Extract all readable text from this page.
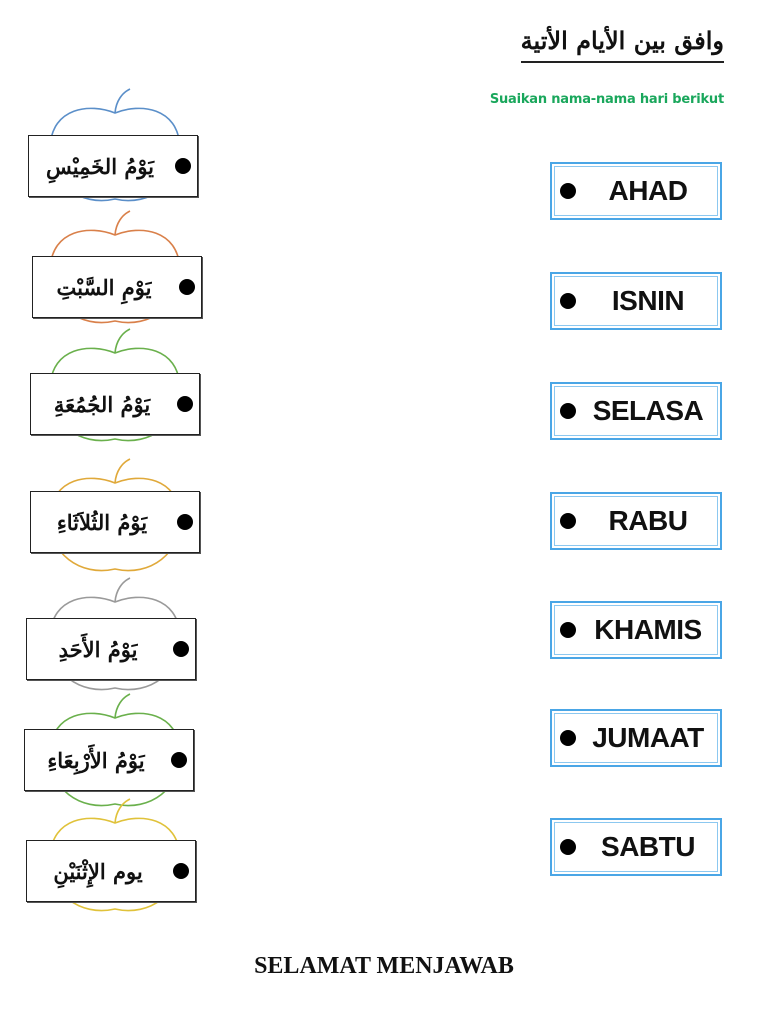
وافق بين الأيام الأتية
Suaikan nama-nama hari berikut
يَوْمُ الخَمِيْسِ
يَوْمِ السَّبْتِ
يَوْمُ الجُمُعَةِ
يَوْمُ الثُلاَثَاءِ
يَوْمُ الأَحَدِ
يَوْمُ الأَرْبِعَاءِ
يوم الإِثْنَيْنِ
AHAD
ISNIN
SELASA
RABU
KHAMIS
JUMAAT
SABTU
SELAMAT MENJAWAB
